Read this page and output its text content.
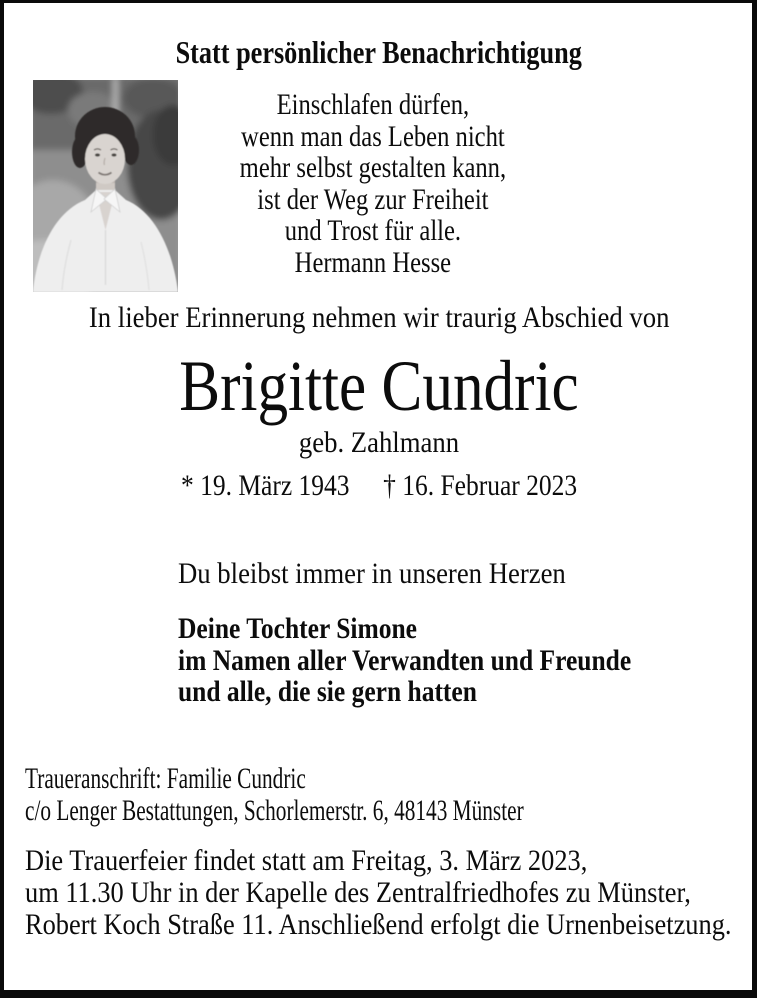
Statt persönlicher Benachrichtigung
Einschlafen dürfen,
wenn man das Leben nicht
mehr selbst gestalten kann,
ist der Weg zur Freiheit
und Trost für alle.
Hermann Hesse
In lieber Erinnerung nehmen wir traurig Abschied von
Brigitte Cundric
geb. Zahlmann
* 19. März 1943 † 16. Februar 2023
Du bleibst immer in unseren Herzen
Deine Tochter Simone
im Namen aller Verwandten und Freunde
und alle, die sie gern hatten
Traueranschrift: Familie Cundric
c/o Lenger Bestattungen, Schorlemerstr. 6, 48143 Münster
Die Trauerfeier findet statt am Freitag, 3. März 2023,
um 11.30 Uhr in der Kapelle des Zentralfriedhofes zu Münster,
Robert Koch Straße 11. Anschließend erfolgt die Urnenbeisetzung.
